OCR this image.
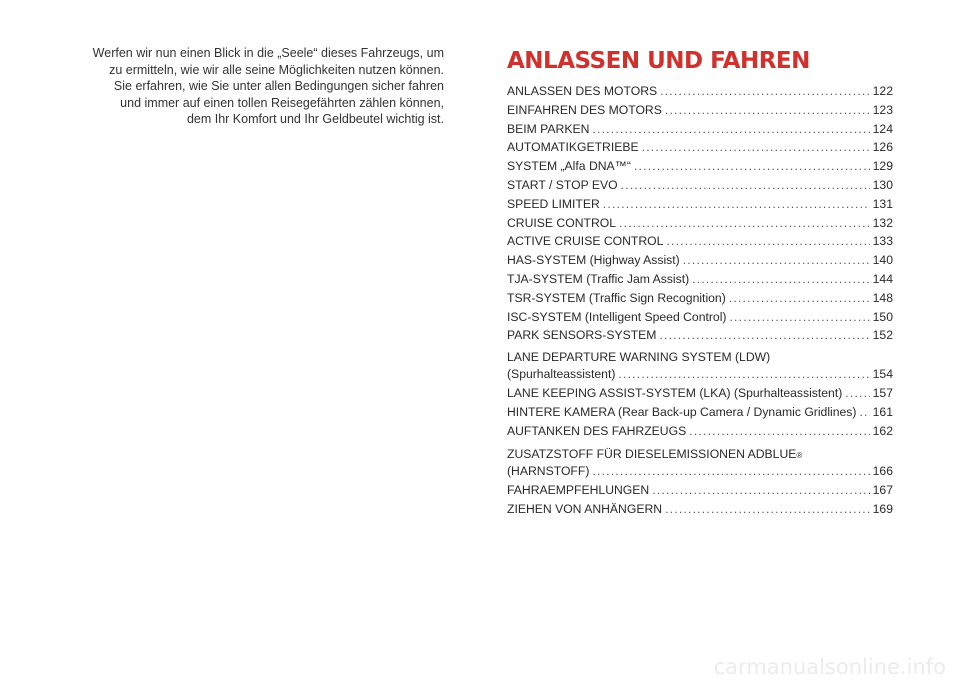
Werfen wir nun einen Blick in die „Seele“ dieses Fahrzeugs, um
zu ermitteln, wie wir alle seine Möglichkeiten nutzen können.
Sie erfahren, wie Sie unter allen Bedingungen sicher fahren
und immer auf einen tollen Reisegefährten zählen können,
dem Ihr Komfort und Ihr Geldbeutel wichtig ist.
ANLASSEN UND FAHREN
ANLASSEN DES MOTORS .....	122
EINFAHREN DES MOTORS .....	123
BEIM PARKEN .....	124
AUTOMATIKGETRIEBE .....	126
SYSTEM „Alfa DNA™“ .....	129
START / STOP EVO .....	130
SPEED LIMITER .....	131
CRUISE CONTROL .....	132
ACTIVE CRUISE CONTROL .....	133
HAS-SYSTEM (Highway Assist) .....	140
TJA-SYSTEM (Traffic Jam Assist) .....	144
TSR-SYSTEM (Traffic Sign Recognition) .....	148
ISC-SYSTEM (Intelligent Speed Control) .....	150
PARK SENSORS-SYSTEM .....	152
LANE DEPARTURE WARNING SYSTEM (LDW)
(Spurhalteassistent) .....	154
LANE KEEPING ASSIST-SYSTEM (LKA) (Spurhalteassistent) ..... 157
HINTERE KAMERA (Rear Back-up Camera / Dynamic Gridlines) ..... 161
AUFTANKEN DES FAHRZEUGS .....	162
ZUSATZSTOFF FÜR DIESELEMISSIONEN ADBLUE ®
(HARNSTOFF) .....	166
FAHRAEMPFEHLUNGEN .....	167
ZIEHEN VON ANHÄNGERN .....	169
carmanualsonline.info
